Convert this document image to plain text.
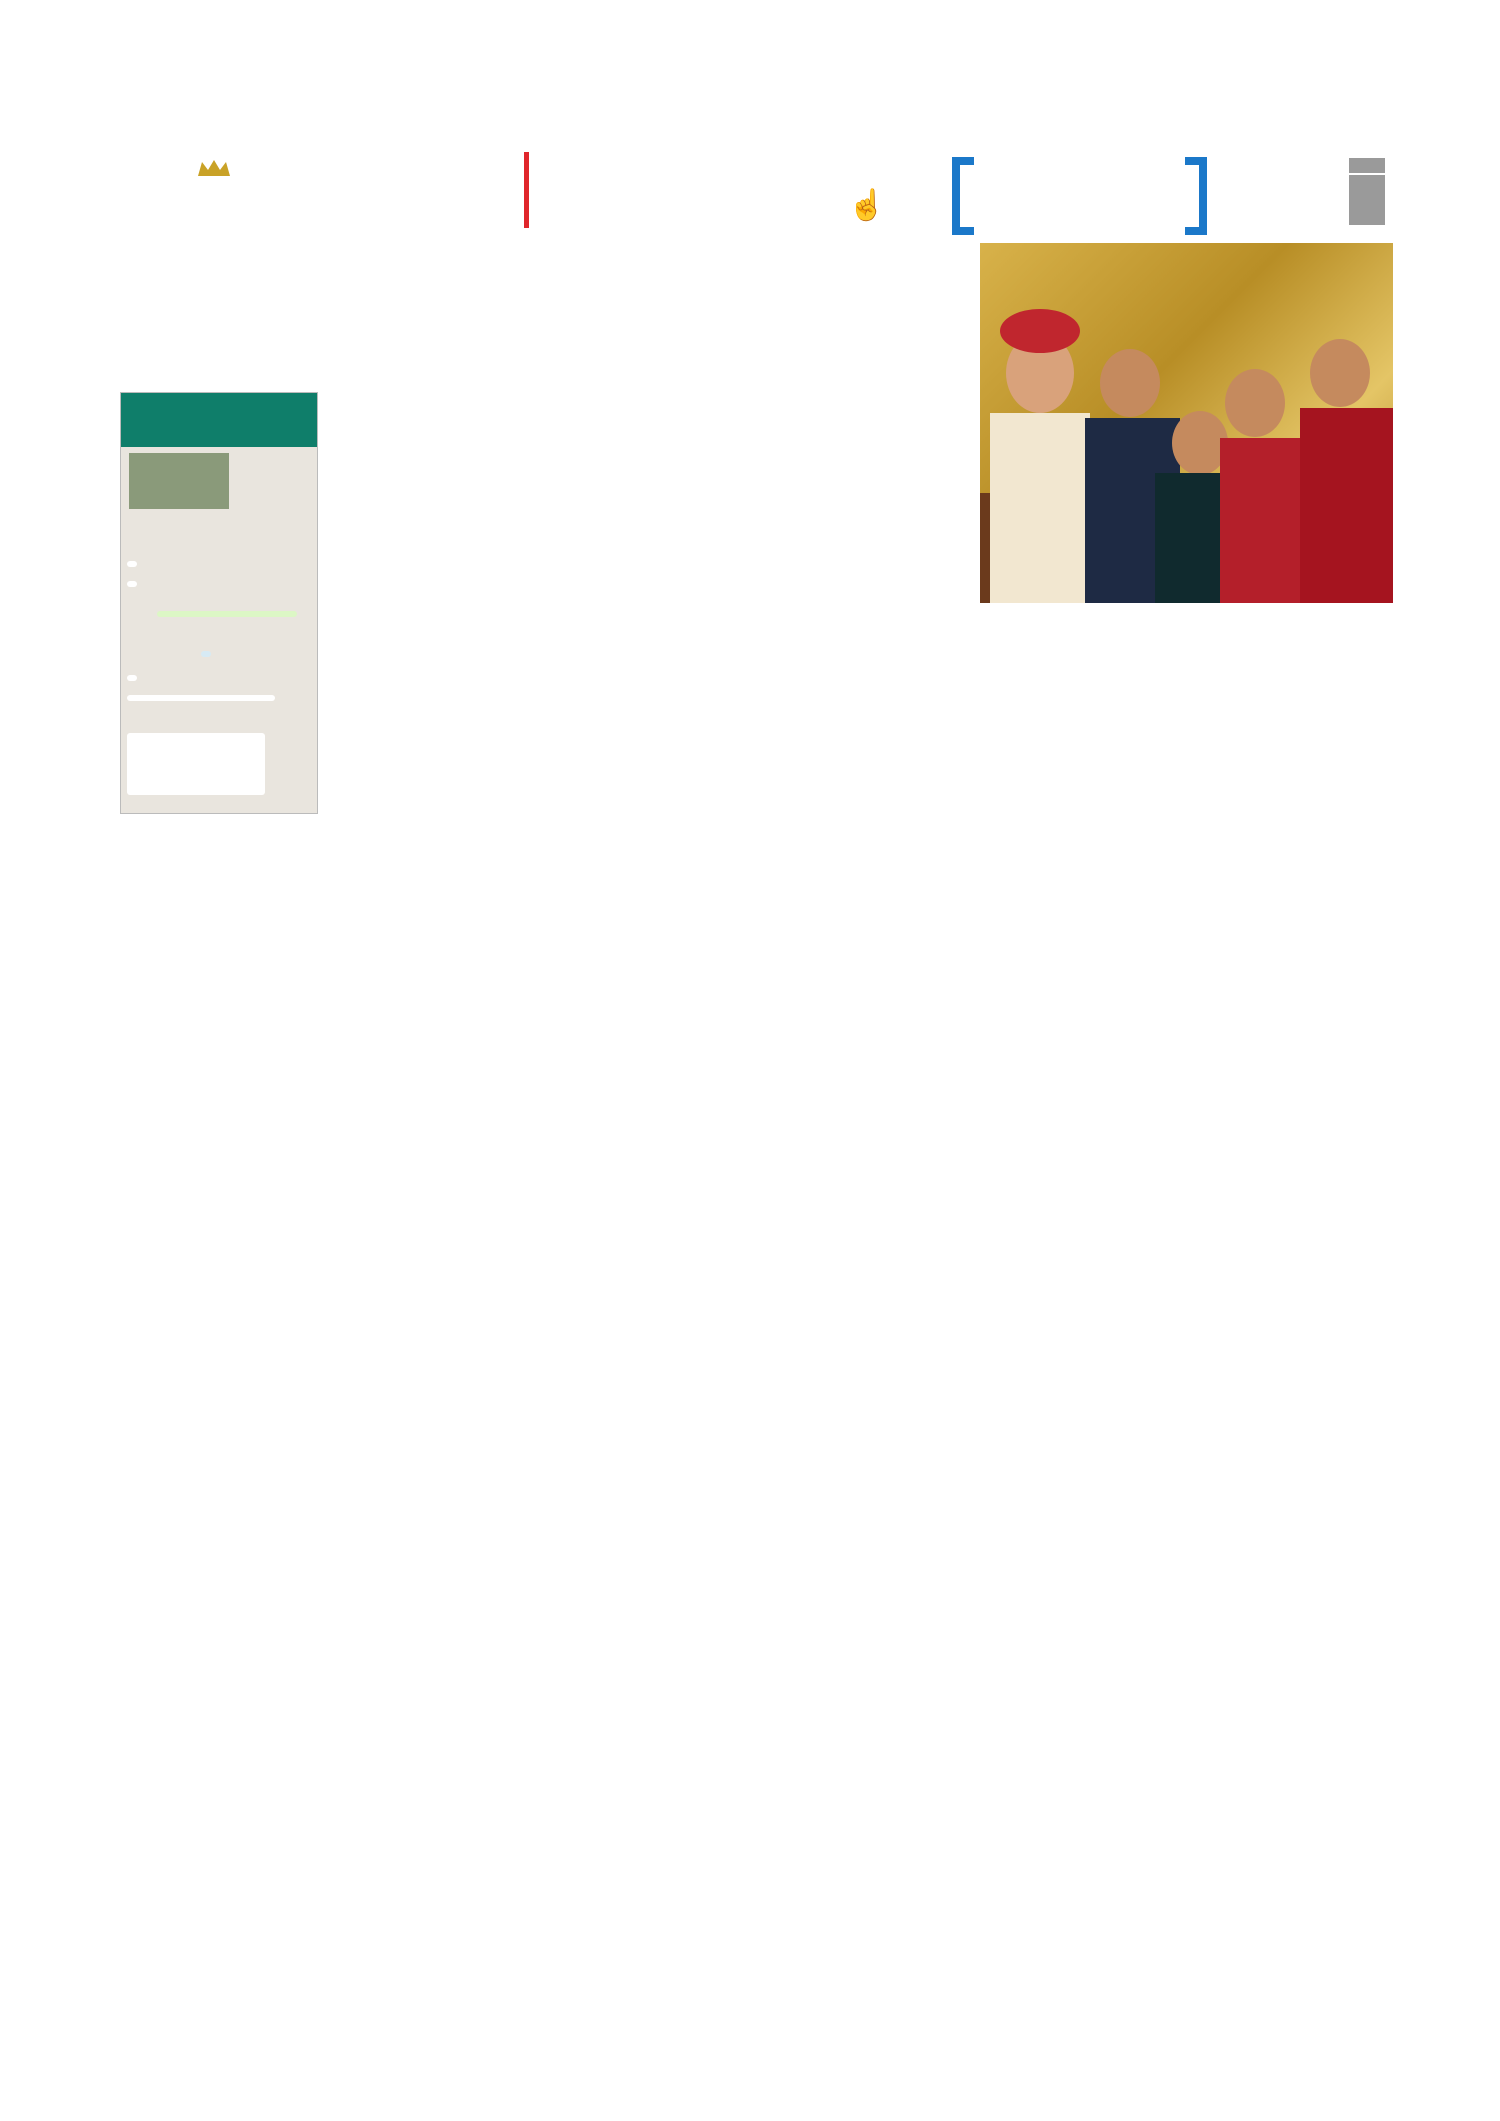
☝
